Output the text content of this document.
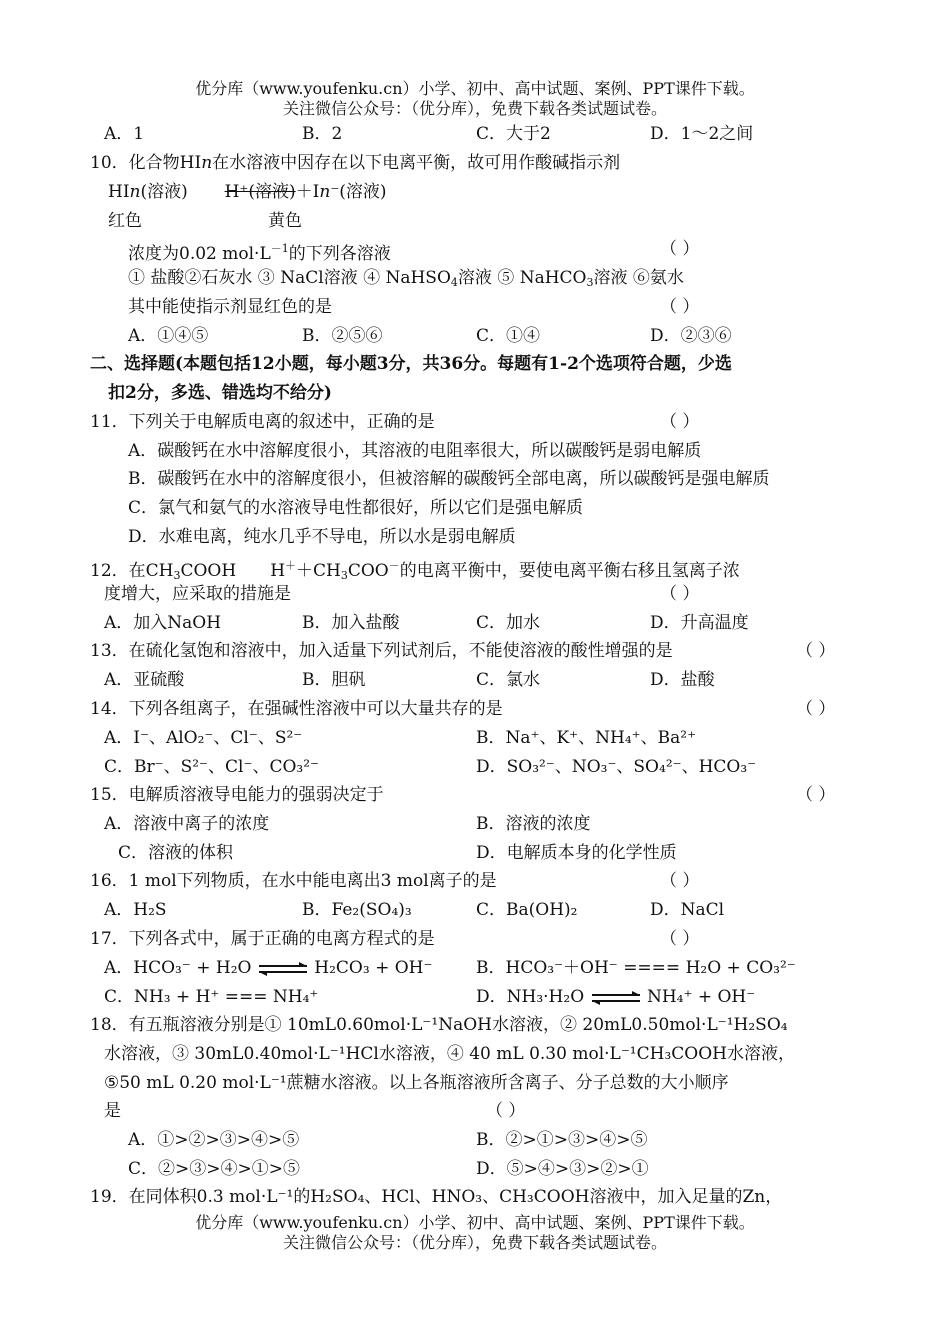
优分库（www.youfenku.cn）小学、初中、高中试题、案例、PPT课件下载。
关注微信公众号：（优分库），免费下载各类试题试卷。
A．1	B．2	C．大于2	D．1～2之间
10．化合物HIn在水溶液中因存在以下电离平衡，故可用作酸碱指示剂
HIn(溶液) H⁺(溶液)＋In⁻(溶液)
红色	黄色
浓度为0.02 $mol\cdot L^{-1}$的下列各溶液	（ ）
① 盐酸②石灰水 ③ NaCl溶液 ④ NaHSO$_4$溶液 ⑤ NaHCO$_3$溶液 ⑥氨水
其中能使指示剂显红色的是	（ ）
A．①④⑤	B．②⑤⑥	C．①④	D．②③⑥
二、选择题(本题包括12小题，每小题3分，共36分。每题有1-2个选项符合题，少选
扣2分，多选、错选均不给分)
11．下列关于电解质电离的叙述中，正确的是	（ ）
A．碳酸钙在水中溶解度很小，其溶液的电阻率很大，所以碳酸钙是弱电解质
B．碳酸钙在水中的溶解度很小，但被溶解的碳酸钙全部电离，所以碳酸钙是强电解质
C．氯气和氨气的水溶液导电性都很好，所以它们是强电解质
D．水难电离，纯水几乎不导电，所以水是弱电解质
12．在$CH_3COOH$ $H^++CH_3COO^-$的电离平衡中，要使电离平衡右移且氢离子浓
度增大，应采取的措施是	（ ）
A．加入NaOH	B．加入盐酸	C．加水	D．升高温度
13．在硫化氢饱和溶液中，加入适量下列试剂后，不能使溶液的酸性增强的是	（ ）
A．亚硫酸	B．胆矾	C．氯水	D．盐酸
14．下列各组离子，在强碱性溶液中可以大量共存的是	（ ）
A．I⁻、AlO₂⁻、Cl⁻、S²⁻	B．Na⁺、K⁺、NH₄⁺、Ba²⁺
C．Br⁻、S²⁻、Cl⁻、CO₃²⁻	D．SO₃²⁻、NO₃⁻、SO₄²⁻、HCO₃⁻
15．电解质溶液导电能力的强弱决定于	（ ）
A．溶液中离子的浓度	B．溶液的浓度
C．溶液的体积	D．电解质本身的化学性质
16．1 mol下列物质，在水中能电离出3 mol离子的是	（ ）
A．H₂S	B．Fe₂(SO₄)₃	C．Ba(OH)₂	D．NaCl
17．下列各式中，属于正确的电离方程式的是	（ ）
A．HCO₃⁻ + H₂O ⇌ H₂CO₃ + OH⁻	B．HCO₃⁻＋OH⁻ ==== H₂O + CO₃²⁻
C．NH₃ + H⁺ === NH₄⁺	D．NH₃·H₂O ⇌ NH₄⁺ + OH⁻
18．有五瓶溶液分别是① 10mL0.60mol·L⁻¹NaOH水溶液，② 20mL0.50mol·L⁻¹H₂SO₄
水溶液，③ 30mL0.40mol·L⁻¹HCl水溶液，④ 40 mL 0.30 mol·L⁻¹CH₃COOH水溶液，
⑤50 mL 0.20 mol·L⁻¹蔗糖水溶液。以上各瓶溶液所含离子、分子总数的大小顺序
是	（ ）
A．①>②>③>④>⑤	B．②>①>③>④>⑤
C．②>③>④>①>⑤	D．⑤>④>③>②>①
19．在同体积0.3 mol·L⁻¹的H₂SO₄、HCl、HNO₃、CH₃COOH溶液中，加入足量的Zn，
优分库（www.youfenku.cn）小学、初中、高中试题、案例、PPT课件下载。
关注微信公众号：（优分库），免费下载各类试题试卷。
